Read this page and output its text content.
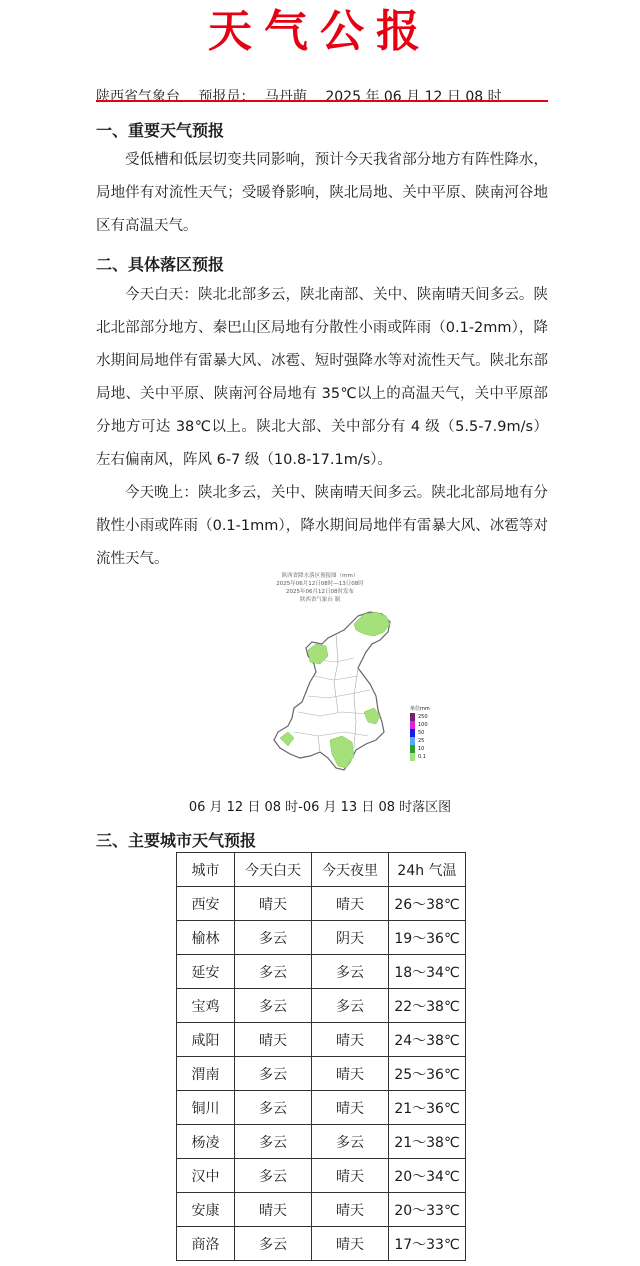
天气公报
陕西省气象台 预报员： 马丹萌 2025 年 06 月 12 日 08 时
一、重要天气预报

受低槽和低层切变共同影响，预计今天我省部分地方有阵性降水，局地伴有对流性天气；受暖脊影响，陕北局地、关中平原、陕南河谷地区有高温天气。

二、具体落区预报

今天白天：陕北北部多云，陕北南部、关中、陕南晴天间多云。陕北北部部分地方、秦巴山区局地有分散性小雨或阵雨（0.1-2mm），降水期间局地伴有雷暴大风、冰雹、短时强降水等对流性天气。陕北东部局地、关中平原、陕南河谷局地有 35℃以上的高温天气，关中平原部分地方可达 38℃以上。陕北大部、关中部分有 4 级（5.5-7.9m/s）左右偏南风，阵风 6-7 级（10.8-17.1m/s）。

今天晚上：陕北多云，关中、陕南晴天间多云。陕北北部局地有分散性小雨或阵雨（0.1-1mm），降水期间局地伴有雷暴大风、冰雹等对流性天气。

陕西省降水落区预报图（mm）
2025年06月12日08时—13日08时
2025年06月12日08时发布
陕西省气象台 制
单位mm
250
100
50
25
10
0.1
06 月 12 日 08 时-06 月 13 日 08 时落区图
三、主要城市天气预报
城市	今天白天	今天夜里	24h 气温
西安	晴天	晴天	26～38℃
榆林	多云	阴天	19～36℃
延安	多云	多云	18～34℃
宝鸡	多云	多云	22～38℃
咸阳	晴天	晴天	24～38℃
渭南	多云	晴天	25～36℃
铜川	多云	晴天	21～36℃
杨凌	多云	多云	21～38℃
汉中	多云	晴天	20～34℃
安康	晴天	晴天	20～33℃
商洛	多云	晴天	17～33℃
